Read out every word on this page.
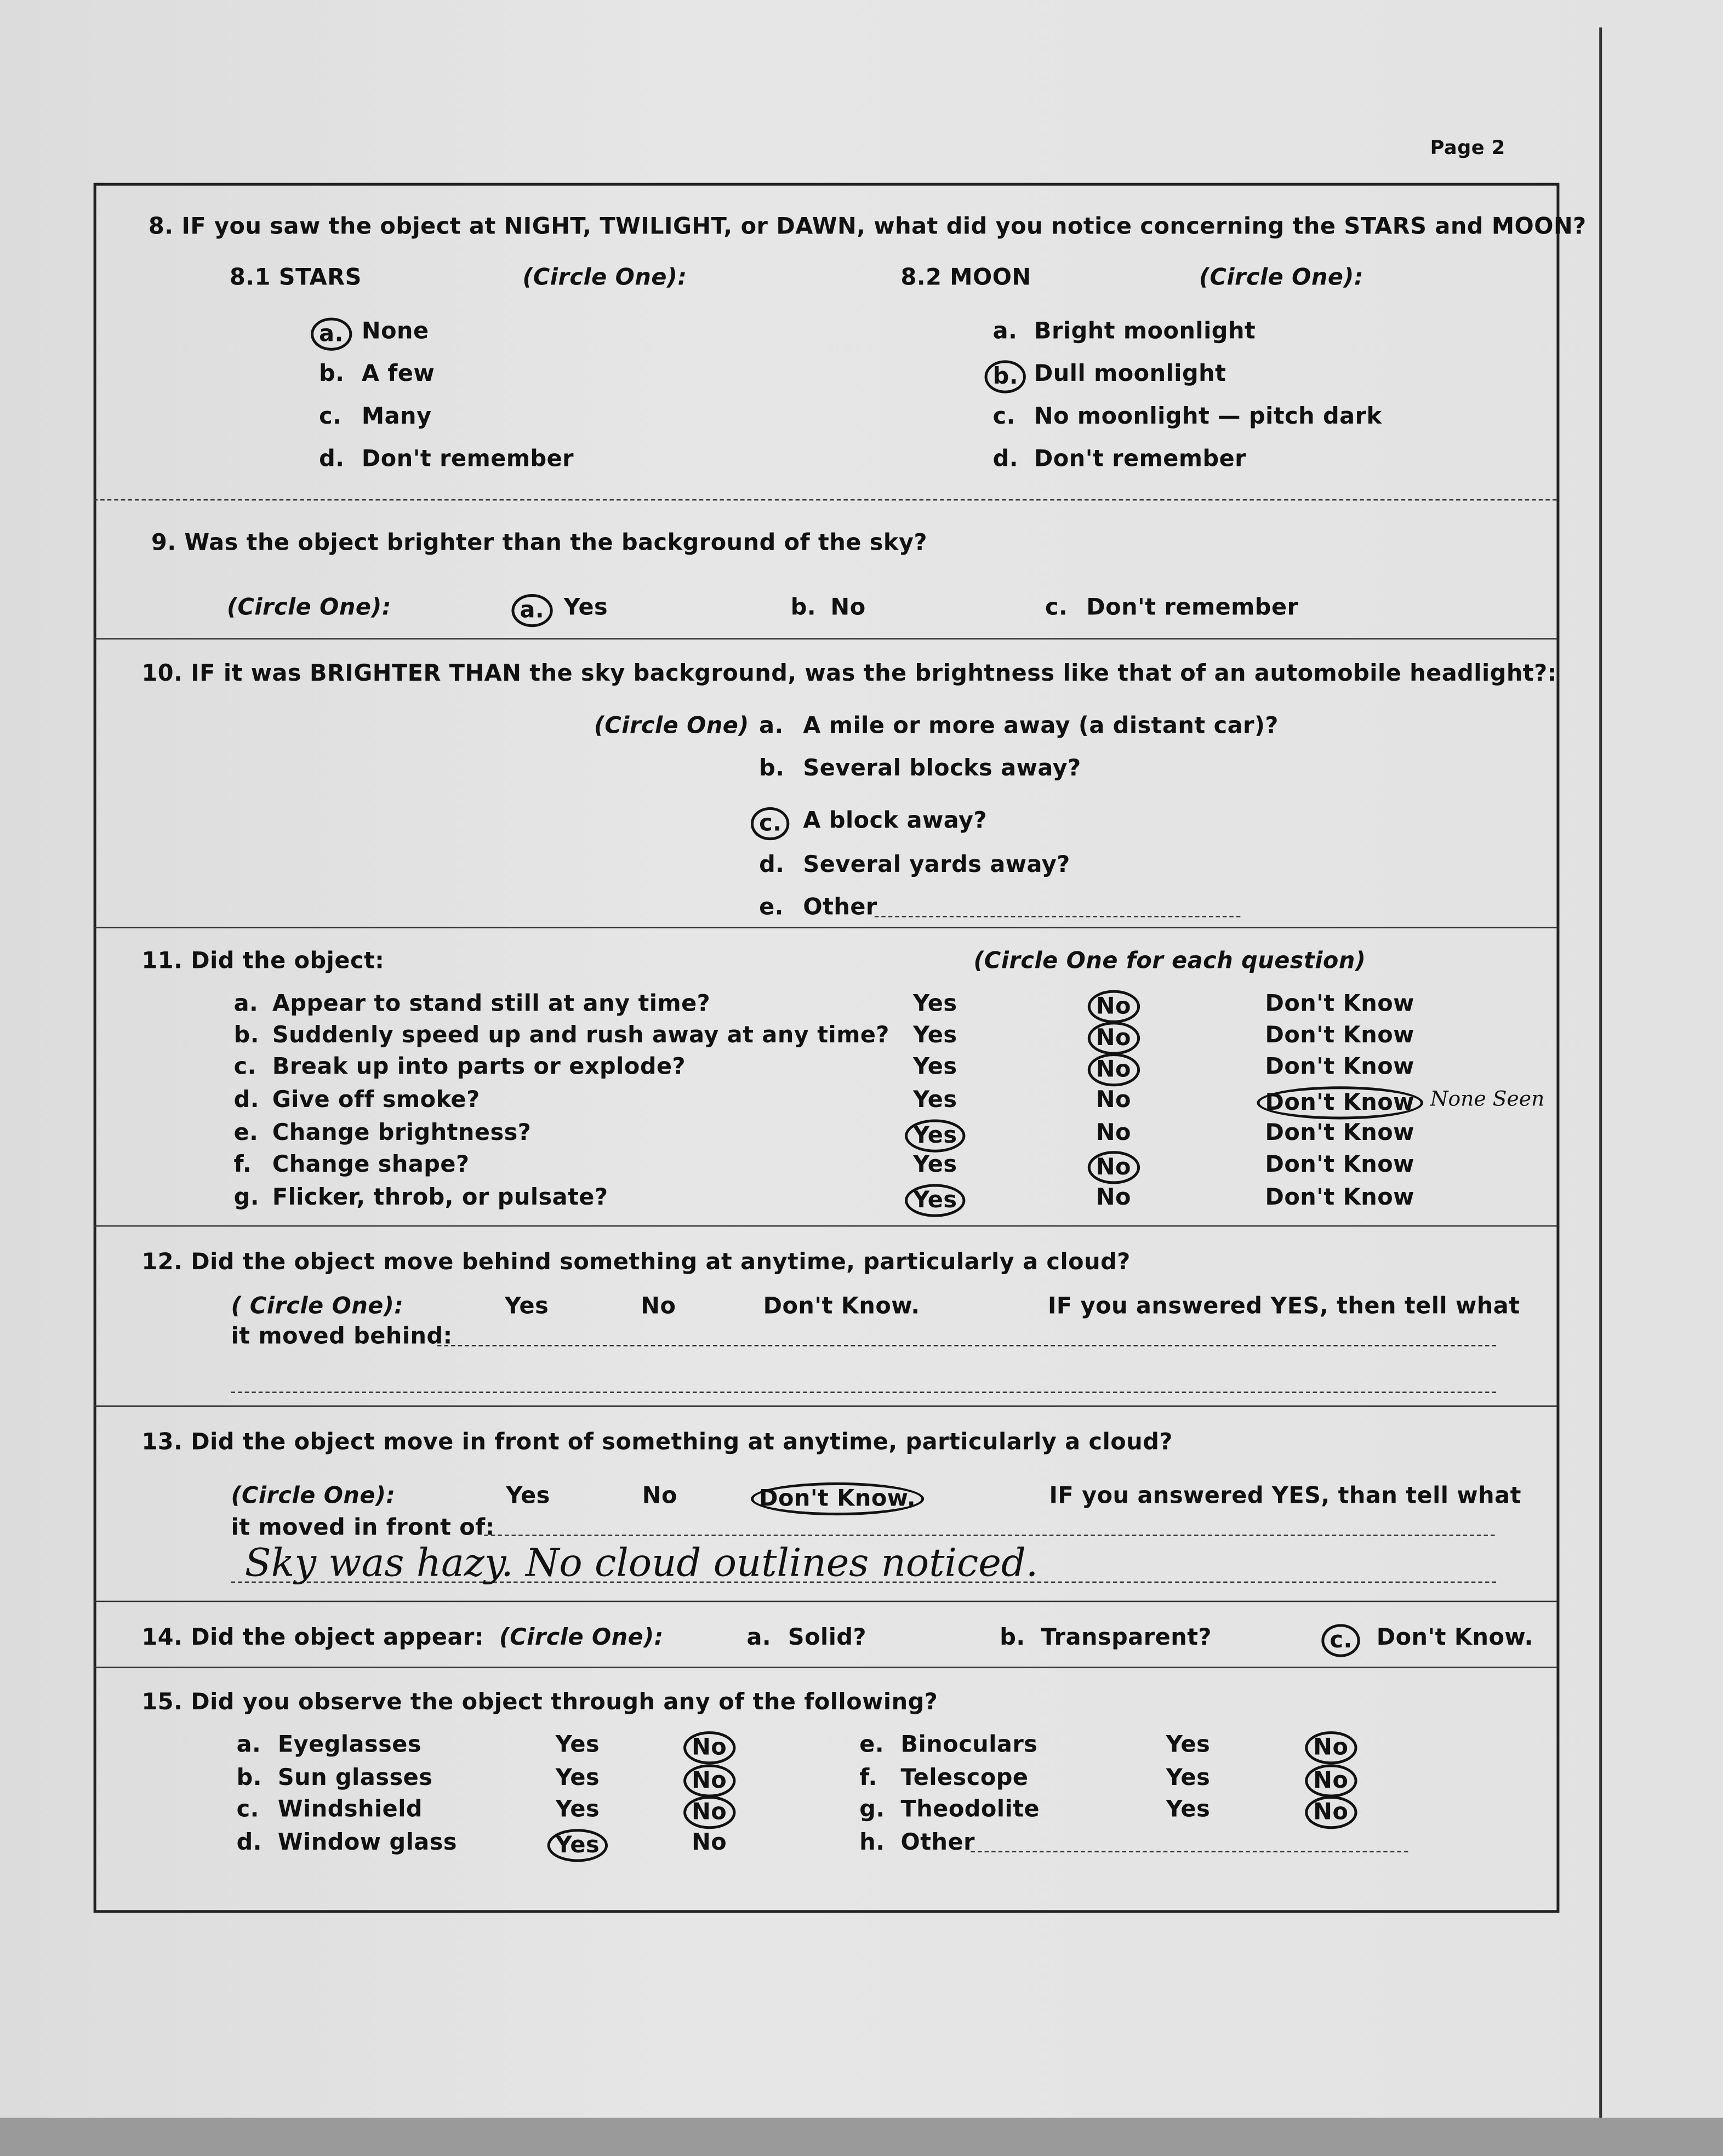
Page 2
8. IF you saw the object at NIGHT, TWILIGHT, or DAWN, what did you notice concerning the STARS and MOON?
8.1 STARS	(Circle One):	8.2 MOON	(Circle One):
a.	None
b. A few
c. Many
d. Don't remember
a. Bright moonlight
b.	Dull moonlight
c. No moonlight — pitch dark
d. Don't remember
9. Was the object brighter than the background of the sky?
(Circle One):	a.	Yes	b. No	c. Don't remember
10. IF it was BRIGHTER THAN the sky background, was the brightness like that of an automobile headlight?:
(Circle One) a. A mile or more away (a distant car)?
b. Several blocks away?
c.	A block away?
d. Several yards away?
e. Other
11. Did the object:	(Circle One for each question)
a. Appear to stand still at any time?	Yes	No	Don't Know
b. Suddenly speed up and rush away at any time?	Yes	No	Don't Know
c. Break up into parts or explode?	Yes	No	Don't Know
d. Give off smoke?	Yes	No	Don't Know	None Seen
e. Change brightness?	Yes	No	Don't Know
f. Change shape?	Yes	No	Don't Know
g. Flicker, throb, or pulsate?	Yes	No	Don't Know
12. Did the object move behind something at anytime, particularly a cloud?
( Circle One):	Yes	No	Don't Know.	IF you answered YES, then tell what
it moved behind:
13. Did the object move in front of something at anytime, particularly a cloud?
(Circle One):	Yes	No	Don't Know.	IF you answered YES, than tell what
it moved in front of:
Sky was hazy. No cloud outlines noticed.
14. Did the object appear: (Circle One):	a. Solid?	b. Transparent?	c.	Don't Know.
15. Did you observe the object through any of the following?
a. Eyeglasses	Yes	No
b. Sun glasses	Yes	No
c. Windshield	Yes	No
d. Window glass	Yes	No
e. Binoculars	Yes	No
f.	Telescope	Yes	No
g. Theodolite	Yes	No
h. Other
